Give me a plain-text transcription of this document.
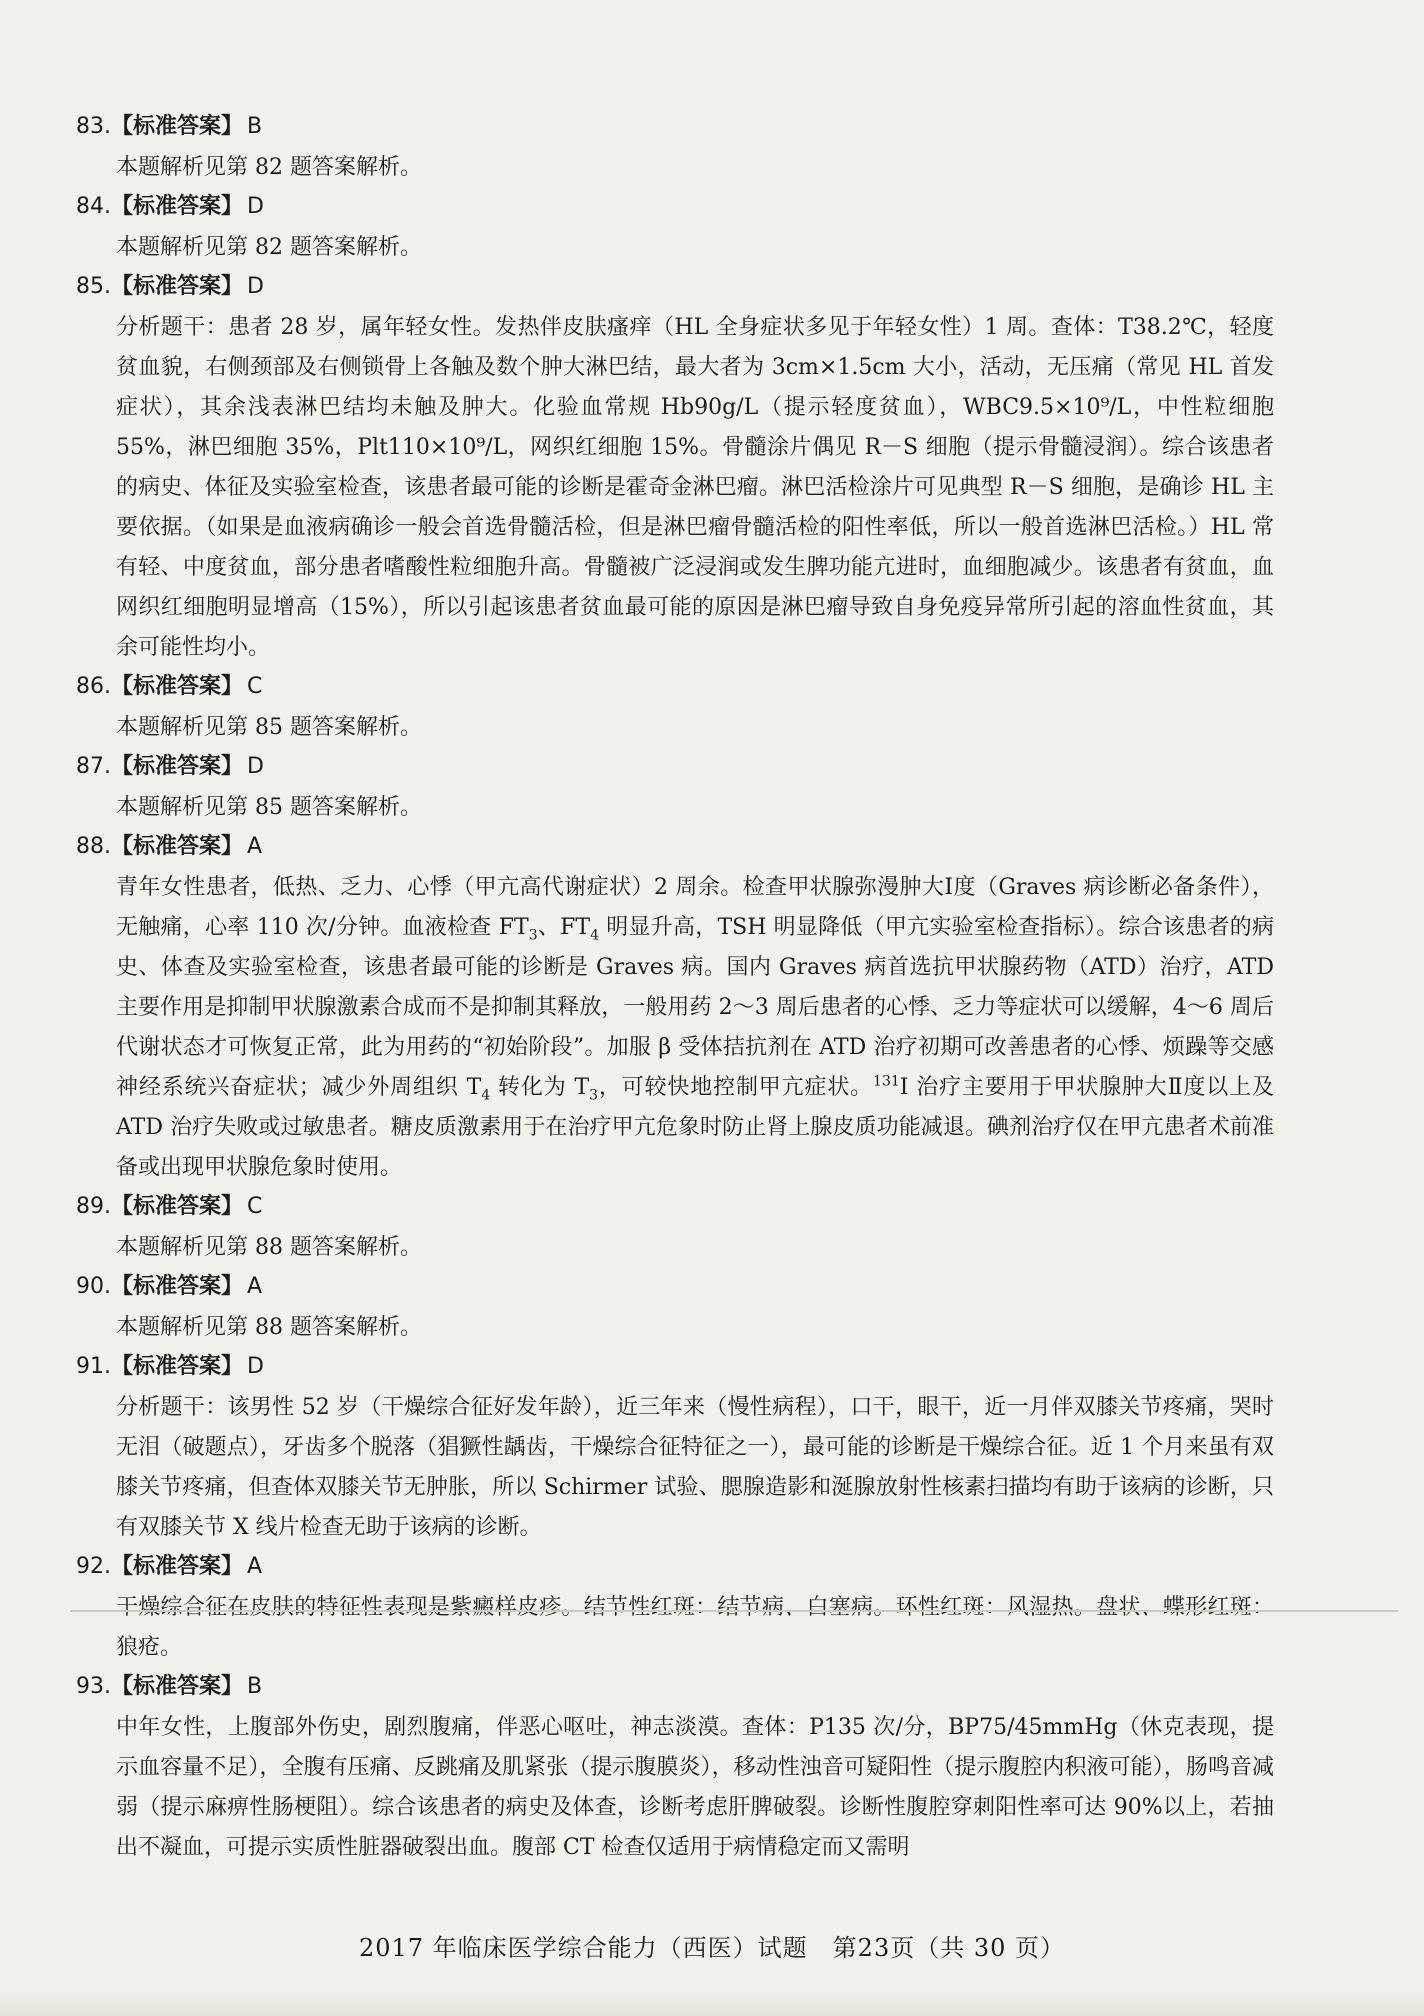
83.【标准答案】 B

本题解析见第 82 题答案解析。

84.【标准答案】 D

本题解析见第 82 题答案解析。

85.【标准答案】 D

分析题干：患者 28 岁，属年轻女性。发热伴皮肤瘙痒（HL 全身症状多见于年轻女性）1 周。查体：T38.2℃，轻度贫血貌，右侧颈部及右侧锁骨上各触及数个肿大淋巴结，最大者为 3cm×1.5cm 大小，活动，无压痛（常见 HL 首发症状），其余浅表淋巴结均未触及肿大。化验血常规 Hb90g/L（提示轻度贫血），WBC9.5×10⁹/L，中性粒细胞 55%，淋巴细胞 35%，Plt110×10⁹/L，网织红细胞 15%。骨髓涂片偶见 R－S 细胞（提示骨髓浸润）。综合该患者的病史、体征及实验室检查，该患者最可能的诊断是霍奇金淋巴瘤。淋巴活检涂片可见典型 R－S 细胞，是确诊 HL 主要依据。（如果是血液病确诊一般会首选骨髓活检，但是淋巴瘤骨髓活检的阳性率低，所以一般首选淋巴活检。）HL 常有轻、中度贫血，部分患者嗜酸性粒细胞升高。骨髓被广泛浸润或发生脾功能亢进时，血细胞减少。该患者有贫血，血网织红细胞明显增高（15%），所以引起该患者贫血最可能的原因是淋巴瘤导致自身免疫异常所引起的溶血性贫血，其余可能性均小。

86.【标准答案】 C

本题解析见第 85 题答案解析。

87.【标准答案】 D

本题解析见第 85 题答案解析。

88.【标准答案】 A

青年女性患者，低热、乏力、心悸（甲亢高代谢症状）2 周余。检查甲状腺弥漫肿大Ⅰ度（Graves 病诊断必备条件），无触痛，心率 110 次/分钟。血液检查 $FT_3$、$FT_4$ 明显升高，TSH 明显降低（甲亢实验室检查指标）。综合该患者的病史、体查及实验室检查，该患者最可能的诊断是 Graves 病。国内 Graves 病首选抗甲状腺药物（ATD）治疗，ATD 主要作用是抑制甲状腺激素合成而不是抑制其释放，一般用药 2～3 周后患者的心悸、乏力等症状可以缓解，4～6 周后代谢状态才可恢复正常，此为用药的“初始阶段”。加服 β 受体拮抗剂在 ATD 治疗初期可改善患者的心悸、烦躁等交感神经系统兴奋症状；减少外周组织 $T_4$ 转化为 $T_3$，可较快地控制甲亢症状。$^{131}$I 治疗主要用于甲状腺肿大Ⅱ度以上及 ATD 治疗失败或过敏患者。糖皮质激素用于在治疗甲亢危象时防止肾上腺皮质功能减退。碘剂治疗仅在甲亢患者术前准备或出现甲状腺危象时使用。

89.【标准答案】 C

本题解析见第 88 题答案解析。

90.【标准答案】 A

本题解析见第 88 题答案解析。

91.【标准答案】 D

分析题干：该男性 52 岁（干燥综合征好发年龄），近三年来（慢性病程），口干，眼干，近一月伴双膝关节疼痛，哭时无泪（破题点），牙齿多个脱落（猖獗性龋齿，干燥综合征特征之一），最可能的诊断是干燥综合征。近 1 个月来虽有双膝关节疼痛，但查体双膝关节无肿胀，所以 Schirmer 试验、腮腺造影和涎腺放射性核素扫描均有助于该病的诊断，只有双膝关节 X 线片检查无助于该病的诊断。

92.【标准答案】 A

干燥综合征在皮肤的特征性表现是紫癜样皮疹。结节性红斑：结节病、白塞病。环性红斑：风湿热。盘状、蝶形红斑：狼疮。

93.【标准答案】 B

中年女性，上腹部外伤史，剧烈腹痛，伴恶心呕吐，神志淡漠。查体：P135 次/分，BP75/45mmHg（休克表现，提示血容量不足），全腹有压痛、反跳痛及肌紧张（提示腹膜炎），移动性浊音可疑阳性（提示腹腔内积液可能），肠鸣音减弱（提示麻痹性肠梗阻）。综合该患者的病史及体查，诊断考虑肝脾破裂。诊断性腹腔穿刺阳性率可达 90%以上，若抽出不凝血，可提示实质性脏器破裂出血。腹部 CT 检查仅适用于病情稳定而又需明

2017 年临床医学综合能力（西医）试题　第23页（共 30 页）
